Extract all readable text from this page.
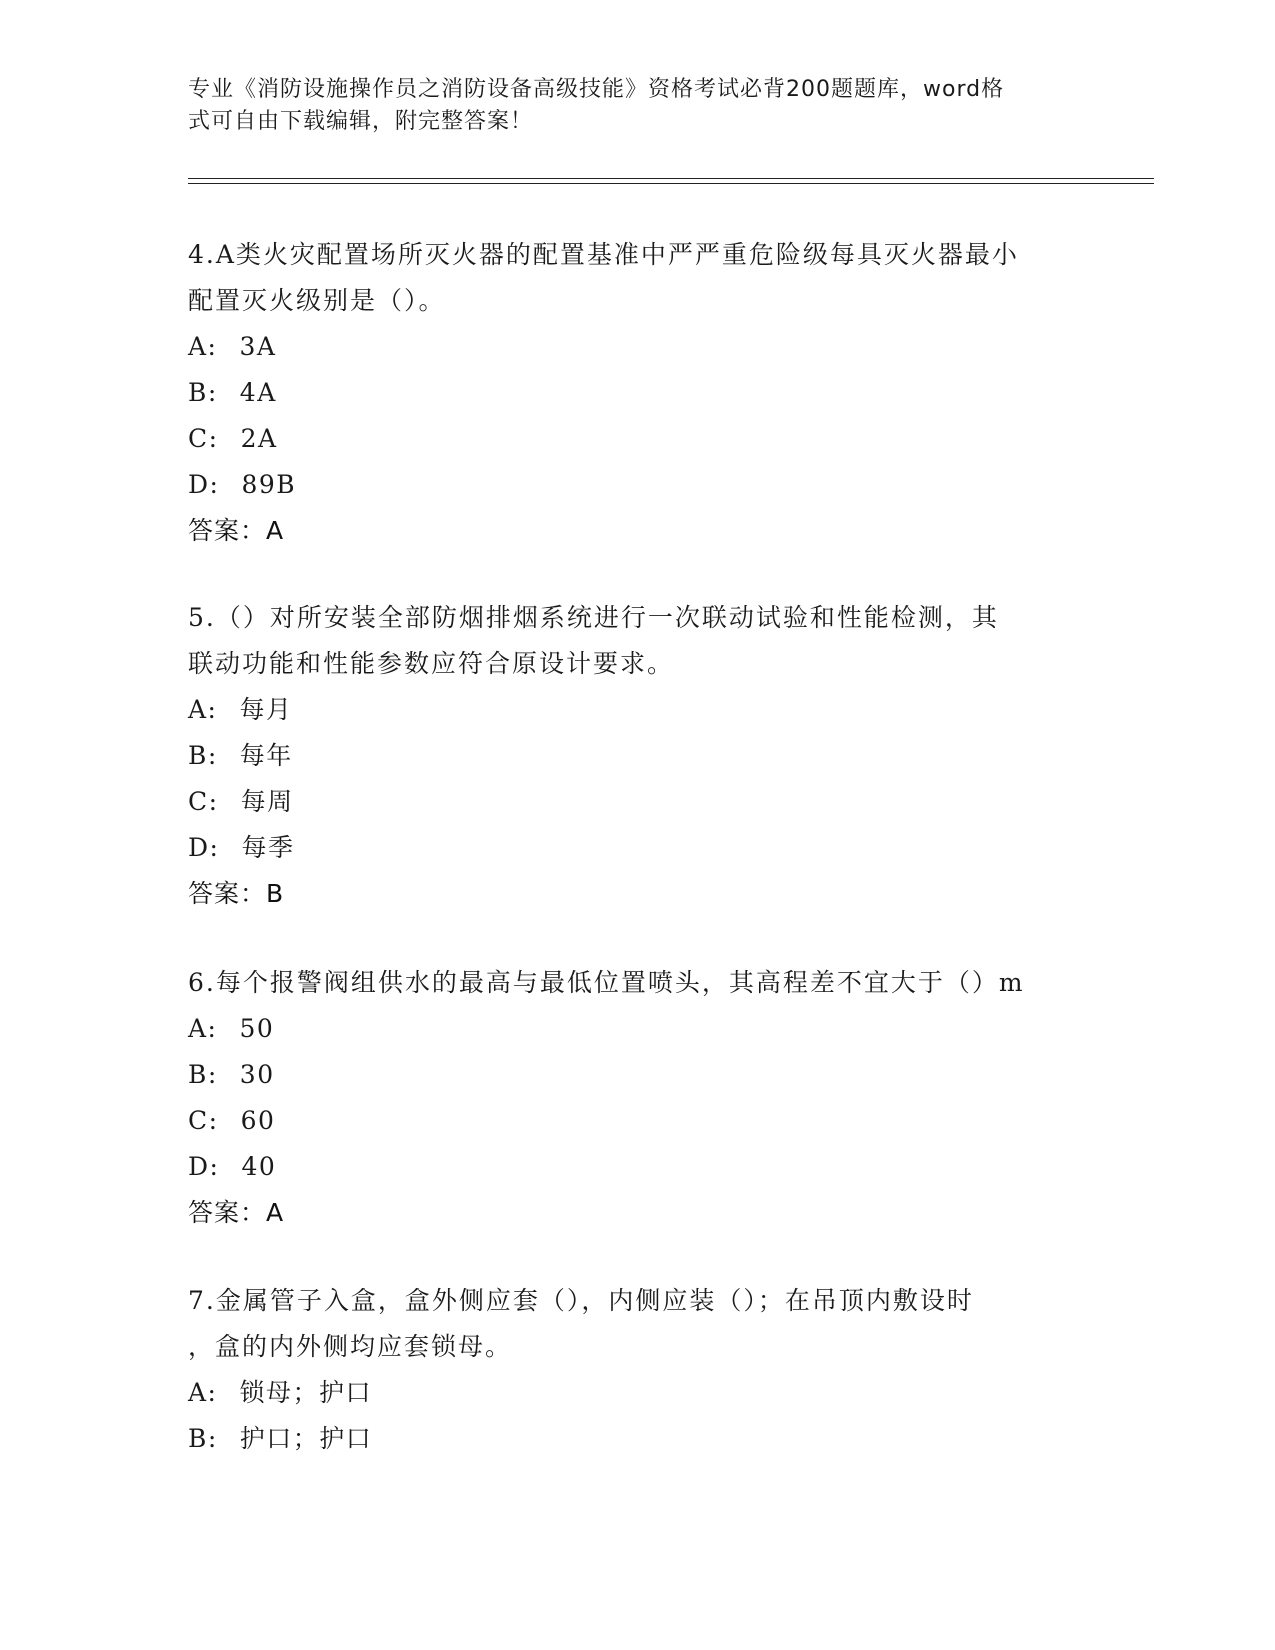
专业《消防设施操作员之消防设备高级技能》资格考试必背200题题库，word格
式可自由下载编辑，附完整答案！

4.A类火灾配置场所灭火器的配置基准中严严重危险级每具灭火器最小

配置灭火级别是（）。

A: 3A

B: 4A

C: 2A

D: 89B

答案：A

5.（）对所安装全部防烟排烟系统进行一次联动试验和性能检测，其

联动功能和性能参数应符合原设计要求。

A: 每月

B: 每年

C: 每周

D: 每季

答案：B

6.每个报警阀组供水的最高与最低位置喷头，其高程差不宜大于（）m

A: 50

B: 30

C: 60

D: 40

答案：A

7.金属管子入盒，盒外侧应套（），内侧应装（）；在吊顶内敷设时

，盒的内外侧均应套锁母。

A: 锁母；护口

B: 护口；护口
